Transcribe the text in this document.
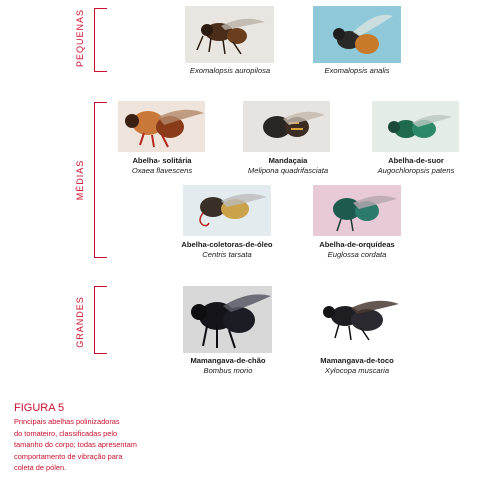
PEQUENAS
MÉDIAS
GRANDES
Exomalopsis auropilosa	Exomalopsis analis
Abelha- solitária
Oxaea flavescens
Mandaçaia
Melipona quadrifasciata
Abelha-de-suor
Augochloropsis patens
Abelha-coletoras-de-óleo
Centris tarsata
Abelha-de-orquídeas
Euglossa cordata
Mamangava-de-chão
Bombus morio
Mamangava-de-toco
Xylocopa muscaria
FIGURA 5
Principais abelhas polinizadoras
do tomateiro, classificadas pelo
tamanho do corpo; todas apresentam
comportamento de vibração para
coleta de pólen.
